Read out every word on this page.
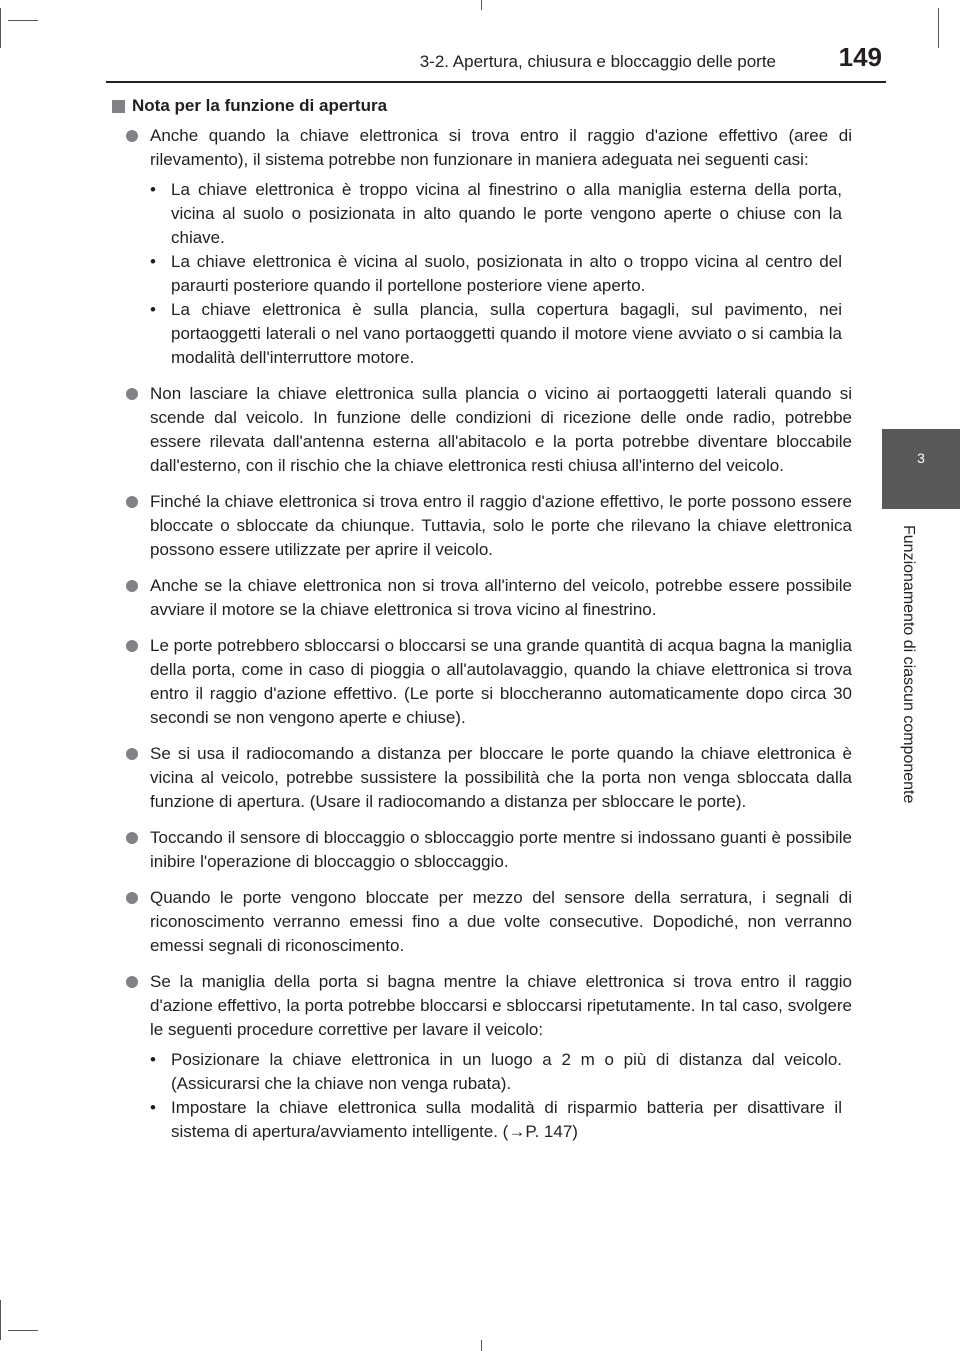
3-2. Apertura, chiusura e bloccaggio delle porte 149
3
Funzionamento di ciascun componente
Nota per la funzione di apertura
Anche quando la chiave elettronica si trova entro il raggio d'azione effettivo (aree di rilevamento), il sistema potrebbe non funzionare in maniera adeguata nei seguenti casi:
• La chiave elettronica è troppo vicina al finestrino o alla maniglia esterna della porta, vicina al suolo o posizionata in alto quando le porte vengono aperte o chiuse con la chiave.
• La chiave elettronica è vicina al suolo, posizionata in alto o troppo vicina al centro del paraurti posteriore quando il portellone posteriore viene aperto.
• La chiave elettronica è sulla plancia, sulla copertura bagagli, sul pavimento, nei portaoggetti laterali o nel vano portaoggetti quando il motore viene avviato o si cambia la modalità dell'interruttore motore.
Non lasciare la chiave elettronica sulla plancia o vicino ai portaoggetti laterali quando si scende dal veicolo. In funzione delle condizioni di ricezione delle onde radio, potrebbe essere rilevata dall'antenna esterna all'abitacolo e la porta potrebbe diventare bloccabile dall'esterno, con il rischio che la chiave elettronica resti chiusa all'interno del veicolo.
Finché la chiave elettronica si trova entro il raggio d'azione effettivo, le porte possono essere bloccate o sbloccate da chiunque. Tuttavia, solo le porte che rilevano la chiave elettronica possono essere utilizzate per aprire il veicolo.
Anche se la chiave elettronica non si trova all'interno del veicolo, potrebbe essere possibile avviare il motore se la chiave elettronica si trova vicino al finestrino.
Le porte potrebbero sbloccarsi o bloccarsi se una grande quantità di acqua bagna la maniglia della porta, come in caso di pioggia o all'autolavaggio, quando la chiave elettronica si trova entro il raggio d'azione effettivo. (Le porte si bloccheranno automaticamente dopo circa 30 secondi se non vengono aperte e chiuse).
Se si usa il radiocomando a distanza per bloccare le porte quando la chiave elettronica è vicina al veicolo, potrebbe sussistere la possibilità che la porta non venga sbloccata dalla funzione di apertura. (Usare il radiocomando a distanza per sbloccare le porte).
Toccando il sensore di bloccaggio o sbloccaggio porte mentre si indossano guanti è possibile inibire l'operazione di bloccaggio o sbloccaggio.
Quando le porte vengono bloccate per mezzo del sensore della serratura, i segnali di riconoscimento verranno emessi fino a due volte consecutive. Dopodiché, non verranno emessi segnali di riconoscimento.
Se la maniglia della porta si bagna mentre la chiave elettronica si trova entro il raggio d'azione effettivo, la porta potrebbe bloccarsi e sbloccarsi ripetutamente. In tal caso, svolgere le seguenti procedure correttive per lavare il veicolo:
• Posizionare la chiave elettronica in un luogo a 2 m o più di distanza dal veicolo. (Assicurarsi che la chiave non venga rubata).
• Impostare la chiave elettronica sulla modalità di risparmio batteria per disattivare il sistema di apertura/avviamento intelligente. (→P. 147)
